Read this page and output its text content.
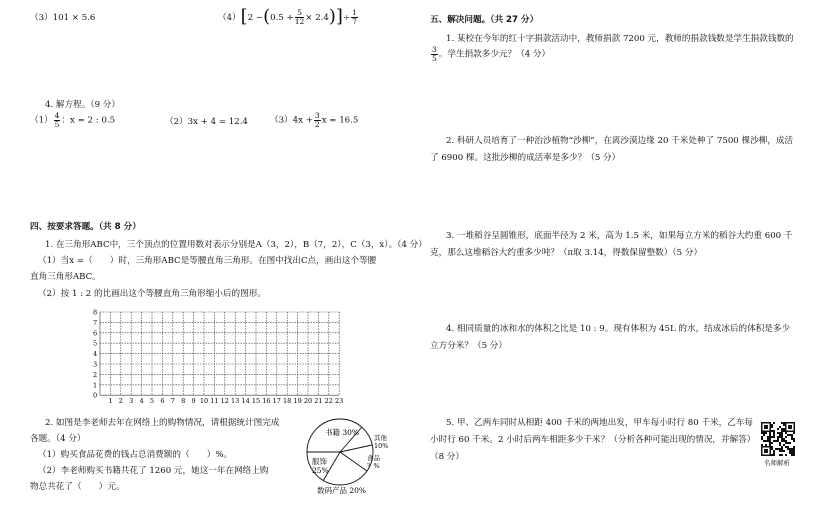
（3）101 × 5.6	$(4)[2 -(0.5 + \frac{5}{12} \times 2.4)]\div \frac{1}{7}$
4. 解方程。（9 分）
$(1) \frac{4}{5}$ ：x = 2 : 0.5	（2）3x + 4 = 12.4	$(3)4x + \frac{3}{2}$ x = 16.5
四、按要求答题。（共 8 分）
1. 在三角形ABC中，三个顶点的位置用数对表示分别是A（3，2），B（7，2），C（3，x）。（4 分）
（1）当x =（　　）时，三角形ABC是等腰直角三角形。在图中找出C点，画出这个等腰
直角三角形ABC。
（2）按 1 : 2 的比画出这个等腰直角三角形缩小后的图形。
8
7
6
5
4
3
2
1
0
1 2 3 4 5 6 7 8 9 10 11 12 13 14 15 16 17 18 19 20 21 22 23
2. 如图是李老师去年在网络上的购物情况，请根据统计图完成
各题。（4 分）
（1）购买食品花费的钱占总消费额的（　　）%。
（2）李老师购买书籍共花了 1260 元，她这一年在网络上购
物总共花了（　　）元。
书籍 30%
服饰
25%
其他
10%
食品
？%
数码产品 20%
五、解决问题。（共 27 分）
1. 某校在今年的红十字捐款活动中，教师捐款 7200 元，教师的捐款钱数是学生捐款钱数的
$\frac{3}{5}$ 。学生捐款多少元？（4 分）
2. 科研人员培育了一种治沙植物“沙柳”，在离沙漠边缘 20 千米处种了 7500 棵沙柳，成活
了 6900 棵。这批沙柳的成活率是多少？（5 分）
3. 一堆稻谷呈圆锥形，底面半径为 2 米，高为 1.5 米，如果每立方米的稻谷大约重 600 千
克，那么这堆稻谷大约重多少吨？（π取 3.14，得数保留整数）（5 分）
4. 相同质量的冰和水的体积之比是 10 : 9。现有体积为 45L 的水，结成冰后的体积是多少
立方分米？（5 分）
5. 甲、乙两车同时从相距 400 千米的两地出发，甲车每小时行 80 千米，乙车每
小时行 60 千米。2 小时后两车相距多少千米？（分析各种可能出现的情况，并解答）
（8 分）
名师解析
